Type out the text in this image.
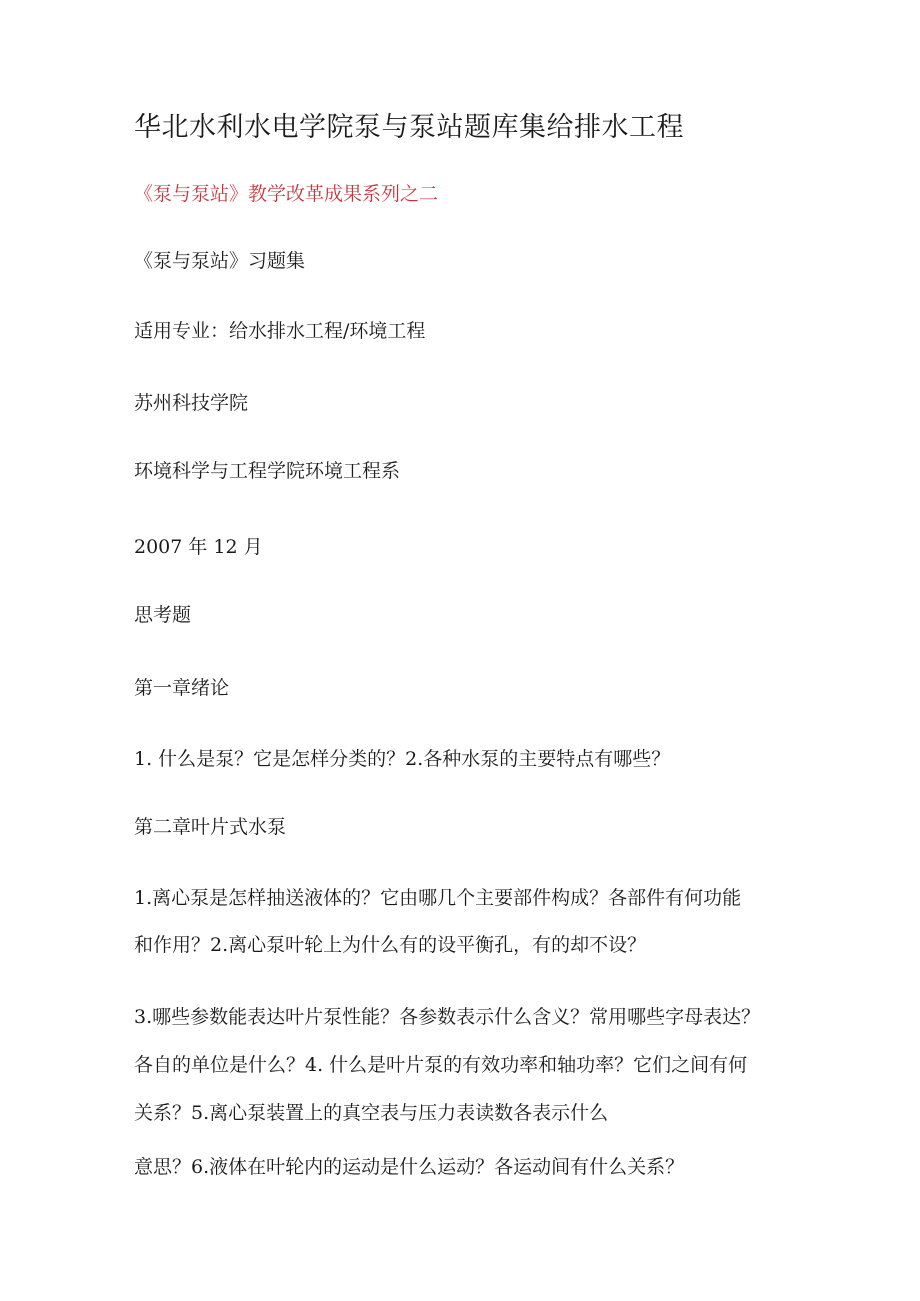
华北水利水电学院泵与泵站题库集给排水工程
《泵与泵站》教学改革成果系列之二
《泵与泵站》习题集
适用专业：给水排水工程/环境工程
苏州科技学院
环境科学与工程学院环境工程系
2007 年 12 月
思考题
第一章绪论
1. 什么是泵？它是怎样分类的？2.各种水泵的主要特点有哪些？
第二章叶片式水泵
1.离心泵是怎样抽送液体的？它由哪几个主要部件构成？各部件有何功能
和作用？2.离心泵叶轮上为什么有的设平衡孔，有的却不设？
3.哪些参数能表达叶片泵性能？各参数表示什么含义？常用哪些字母表达？
各自的单位是什么？4. 什么是叶片泵的有效功率和轴功率？它们之间有何
关系？5.离心泵装置上的真空表与压力表读数各表示什么
意思？6.液体在叶轮内的运动是什么运动？各运动间有什么关系？
